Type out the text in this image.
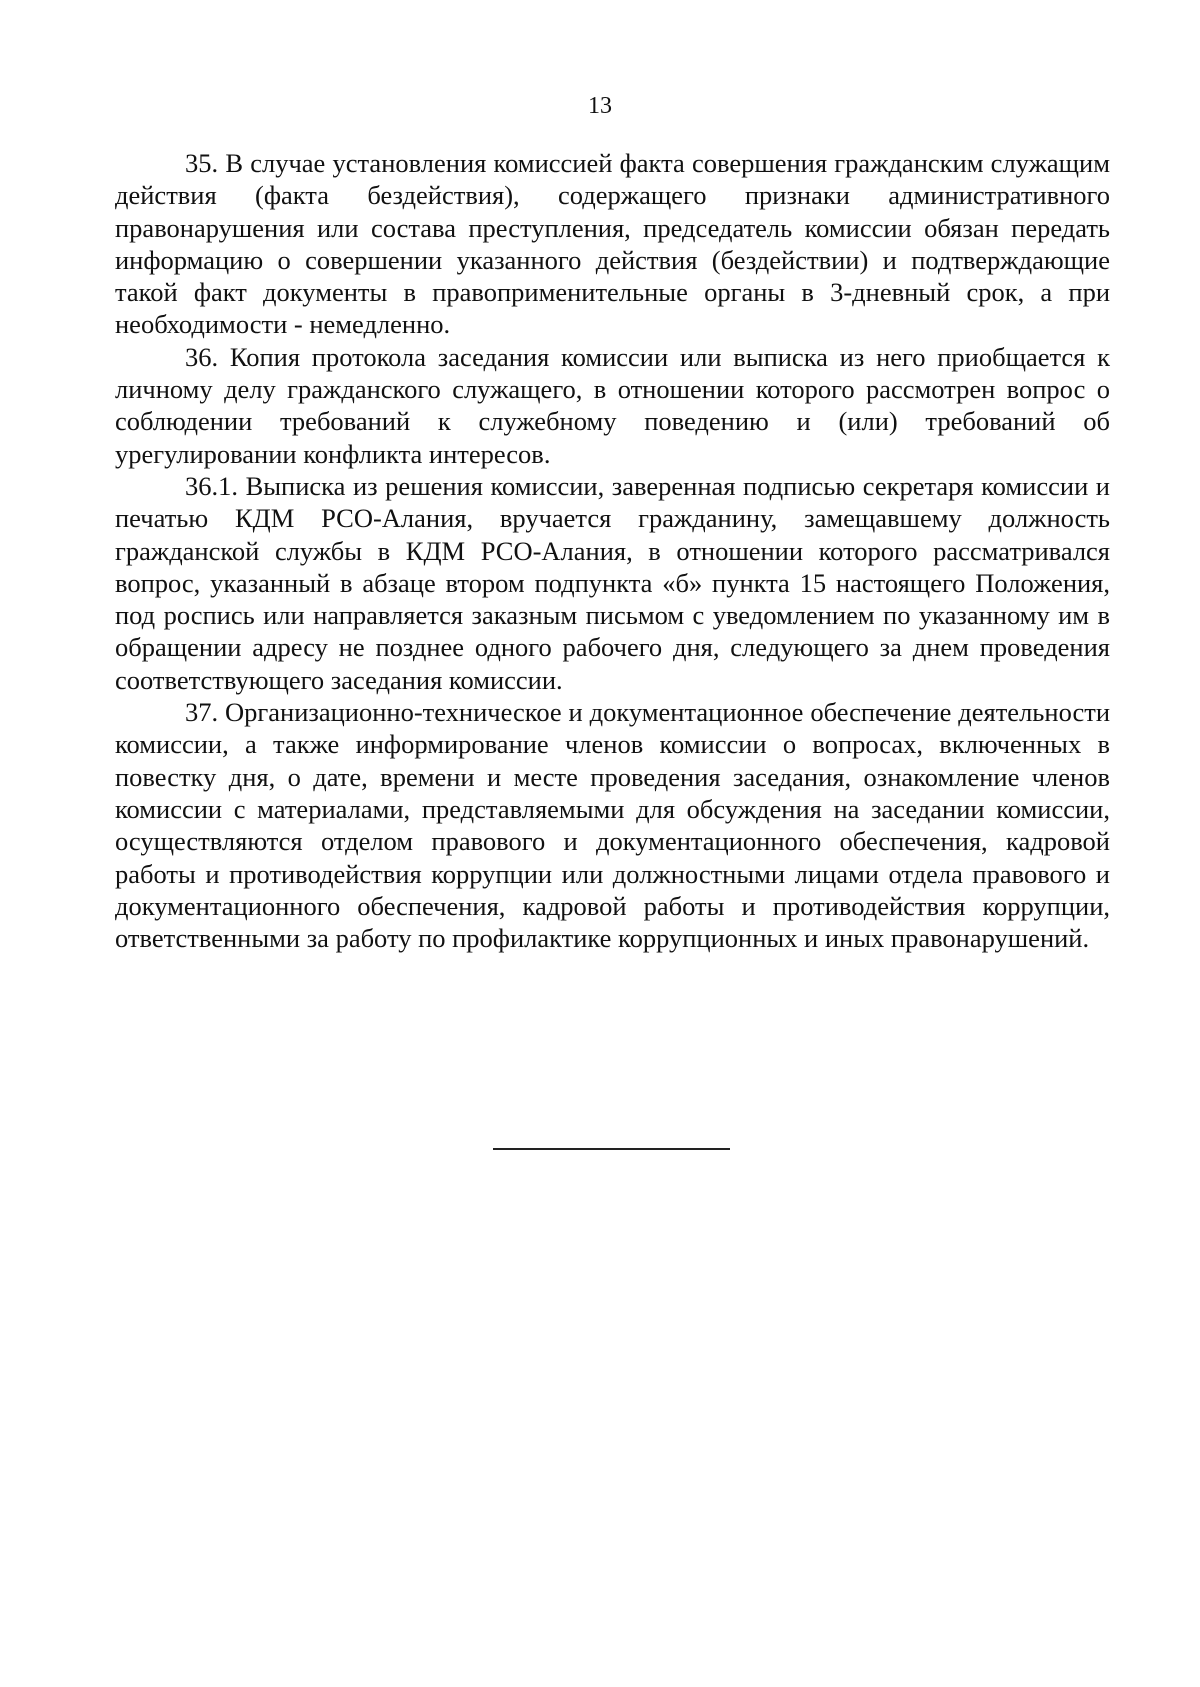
13

35. В случае установления комиссией факта совершения гражданским служащим действия (факта бездействия), содержащего признаки административного правонарушения или состава преступления, председатель комиссии обязан передать информацию о совершении указанного действия (бездействии) и подтверждающие такой факт документы в правоприменительные органы в 3-дневный срок, а при необходимости - немедленно.

36. Копия протокола заседания комиссии или выписка из него приобщается к личному делу гражданского служащего, в отношении которого рассмотрен вопрос о соблюдении требований к служебному поведению и (или) требований об урегулировании конфликта интересов.

36.1. Выписка из решения комиссии, заверенная подписью секретаря комиссии и печатью КДМ РСО-Алания, вручается гражданину, замещавшему должность гражданской службы в КДМ РСО-Алания, в отношении которого рассматривался вопрос, указанный в абзаце втором подпункта «б» пункта 15 настоящего Положения, под роспись или направляется заказным письмом с уведомлением по указанному им в обращении адресу не позднее одного рабочего дня, следующего за днем проведения соответствующего заседания комиссии.

37. Организационно-техническое и документационное обеспечение деятельности комиссии, а также информирование членов комиссии о вопросах, включенных в повестку дня, о дате, времени и месте проведения заседания, ознакомление членов комиссии с материалами, представляемыми для обсуждения на заседании комиссии, осуществляются отделом правового и документационного обеспечения, кадровой работы и противодействия коррупции или должностными лицами отдела правового и документационного обеспечения, кадровой работы и противодействия коррупции, ответственными за работу по профилактике коррупционных и иных правонарушений.
